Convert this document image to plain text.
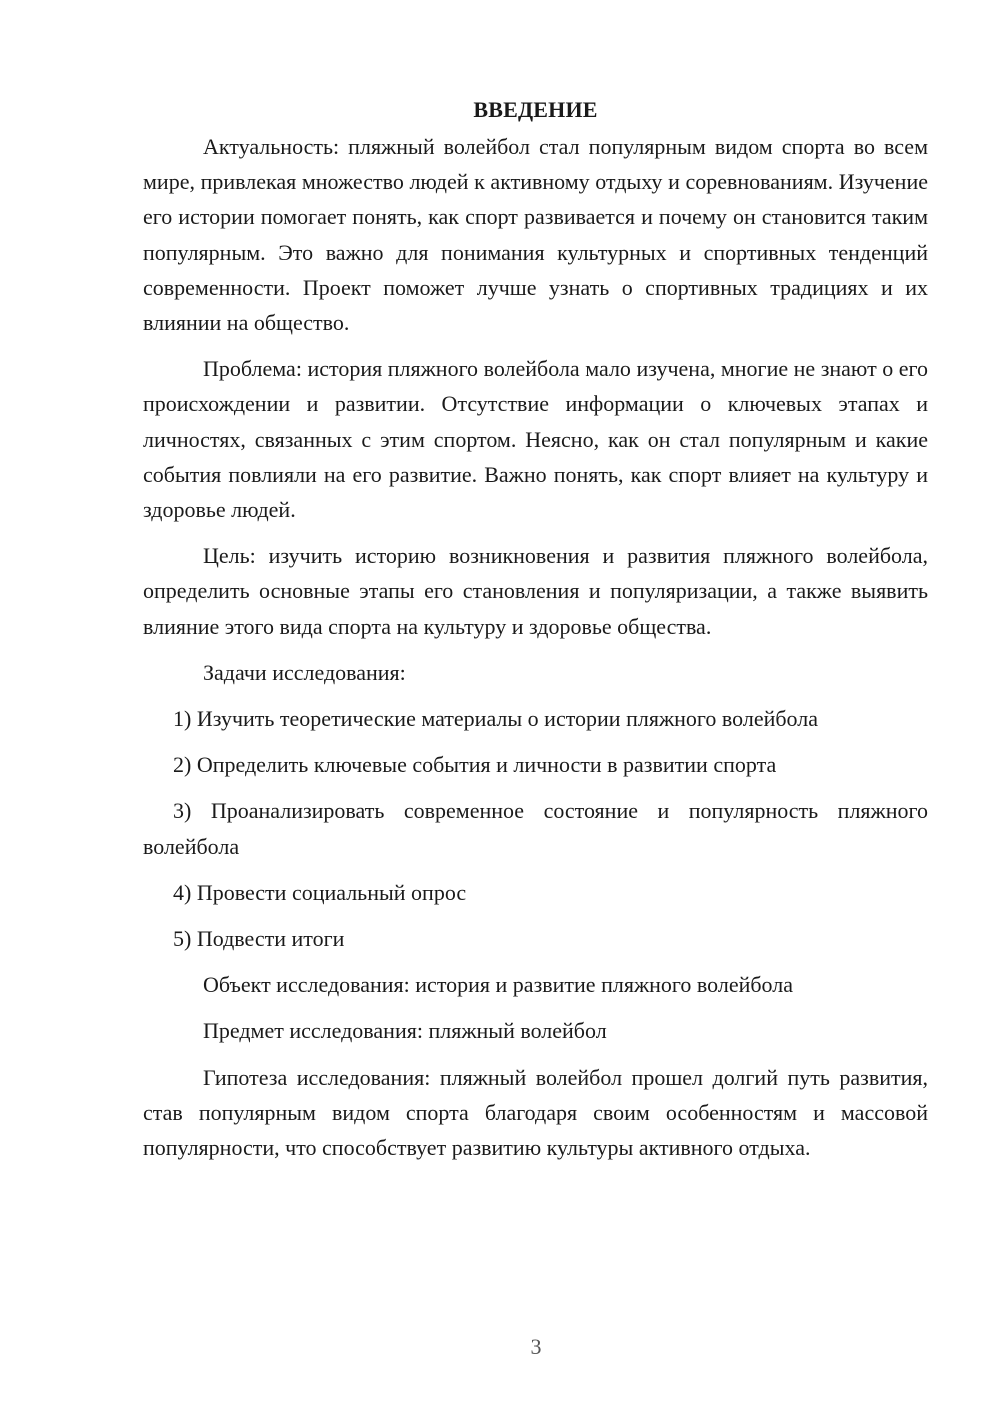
ВВЕДЕНИЕ

Актуальность: пляжный волейбол стал популярным видом спорта во всем мире, привлекая множество людей к активному отдыху и соревнованиям. Изучение его истории помогает понять, как спорт развивается и почему он становится таким популярным. Это важно для понимания культурных и спортивных тенденций современности. Проект поможет лучше узнать о спортивных традициях и их влиянии на общество.

Проблема: история пляжного волейбола мало изучена, многие не знают о его происхождении и развитии. Отсутствие информации о ключевых этапах и личностях, связанных с этим спортом. Неясно, как он стал популярным и какие события повлияли на его развитие. Важно понять, как спорт влияет на культуру и здоровье людей.

Цель: изучить историю возникновения и развития пляжного волейбола, определить основные этапы его становления и популяризации, а также выявить влияние этого вида спорта на культуру и здоровье общества.

Задачи исследования:

1) Изучить теоретические материалы о истории пляжного волейбола

2) Определить ключевые события и личности в развитии спорта

3) Проанализировать современное состояние и популярность пляжного волейбола

4) Провести социальный опрос

5) Подвести итоги

Объект исследования: история и развитие пляжного волейбола

Предмет исследования: пляжный волейбол

Гипотеза исследования: пляжный волейбол прошел долгий путь развития, став популярным видом спорта благодаря своим особенностям и массовой популярности, что способствует развитию культуры активного отдыха.

3
